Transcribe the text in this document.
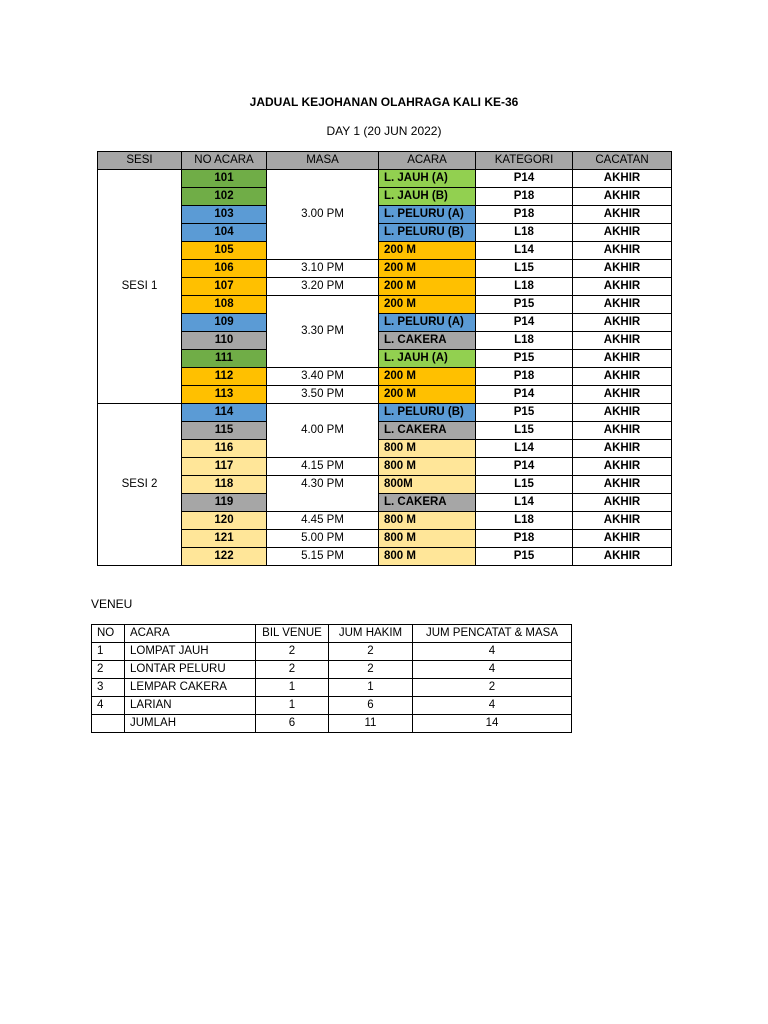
JADUAL KEJOHANAN OLAHRAGA KALI KE-36
DAY 1 (20 JUN 2022)
SESI	NO ACARA	MASA	ACARA	KATEGORI	CACATAN
SESI 1	101	3.00 PM	L. JAUH (A)	P14	AKHIR
	102		L. JAUH (B)	P18	AKHIR
	103		L. PELURU (A)	P18	AKHIR
	104		L. PELURU (B)	L18	AKHIR
	105		200 M	L14	AKHIR
	106	3.10 PM	200 M	L15	AKHIR
	107	3.20 PM	200 M	L18	AKHIR
	108	3.30 PM	200 M	P15	AKHIR
	109		L. PELURU (A)	P14	AKHIR
	110		L. CAKERA	L18	AKHIR
	111		L. JAUH (A)	P15	AKHIR
	112	3.40 PM	200 M	P18	AKHIR
	113	3.50 PM	200 M	P14	AKHIR
SESI 2	114	4.00 PM	L. PELURU (B)	P15	AKHIR
	115		L. CAKERA	L15	AKHIR
	116		800 M	L14	AKHIR
	117	4.15 PM	800 M	P14	AKHIR
	118	4.30 PM	800M	L15	AKHIR
	119		L. CAKERA	L14	AKHIR
	120	4.45 PM	800 M	L18	AKHIR
	121	5.00 PM	800 M	P18	AKHIR
	122	5.15 PM	800 M	P15	AKHIR
VENEU
NO	ACARA	BIL VENUE	JUM HAKIM	JUM PENCATAT & MASA
1	LOMPAT JAUH	2	2	4
2	LONTAR PELURU	2	2	4
3	LEMPAR CAKERA	1	1	2
4	LARIAN	1	6	4
	JUMLAH	6	11	14
